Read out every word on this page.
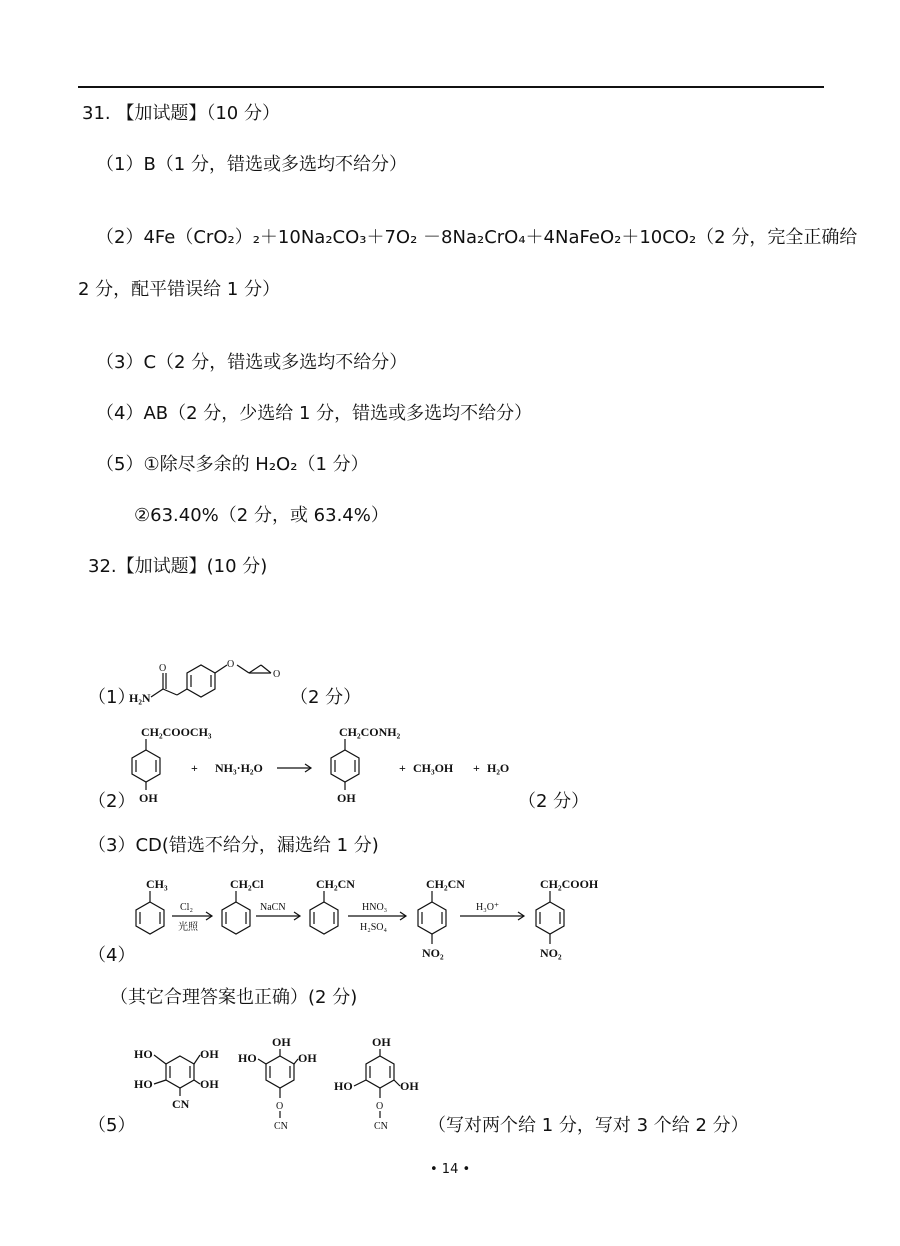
31. 【加试题】（10 分）
（1）B（1 分，错选或多选均不给分）
（2）4Fe（CrO₂）₂＋10Na₂CO₃＋7O₂ －8Na₂CrO₄＋4NaFeO₂＋10CO₂（2 分，完全正确给
2 分，配平错误给 1 分）
（3）C（2 分，错选或多选均不给分）
（4）AB（2 分，少选给 1 分，错选或多选均不给分）
（5）①除尽多余的 H₂O₂（1 分）
②63.40%（2 分，或 63.4%）
32.【加试题】(10 分)
（1）
H₂N
O	O
O
（2 分）
CH₂COOCH₃
OH
+ NH₃·H₂O
CH₂CONH₂
OH
+ CH₃OH + H₂O
（2）	（2 分）
（3）CD(错选不给分，漏选给 1 分)
CH₃
Cl₂
光照
CH₂Cl
NaCN
CH₂CN
HNO₃
H₂SO₄
CH₂CN
NO₂
H₃O⁺
CH₂COOH
NO₂
（4）
（其它合理答案也正确）(2 分)
HO	OH
HO	OH
CN
OH
HO	OH
O
CN
OH
HO	OH
O
CN
（5）	（写对两个给 1 分，写对 3 个给 2 分）
• 14 •
